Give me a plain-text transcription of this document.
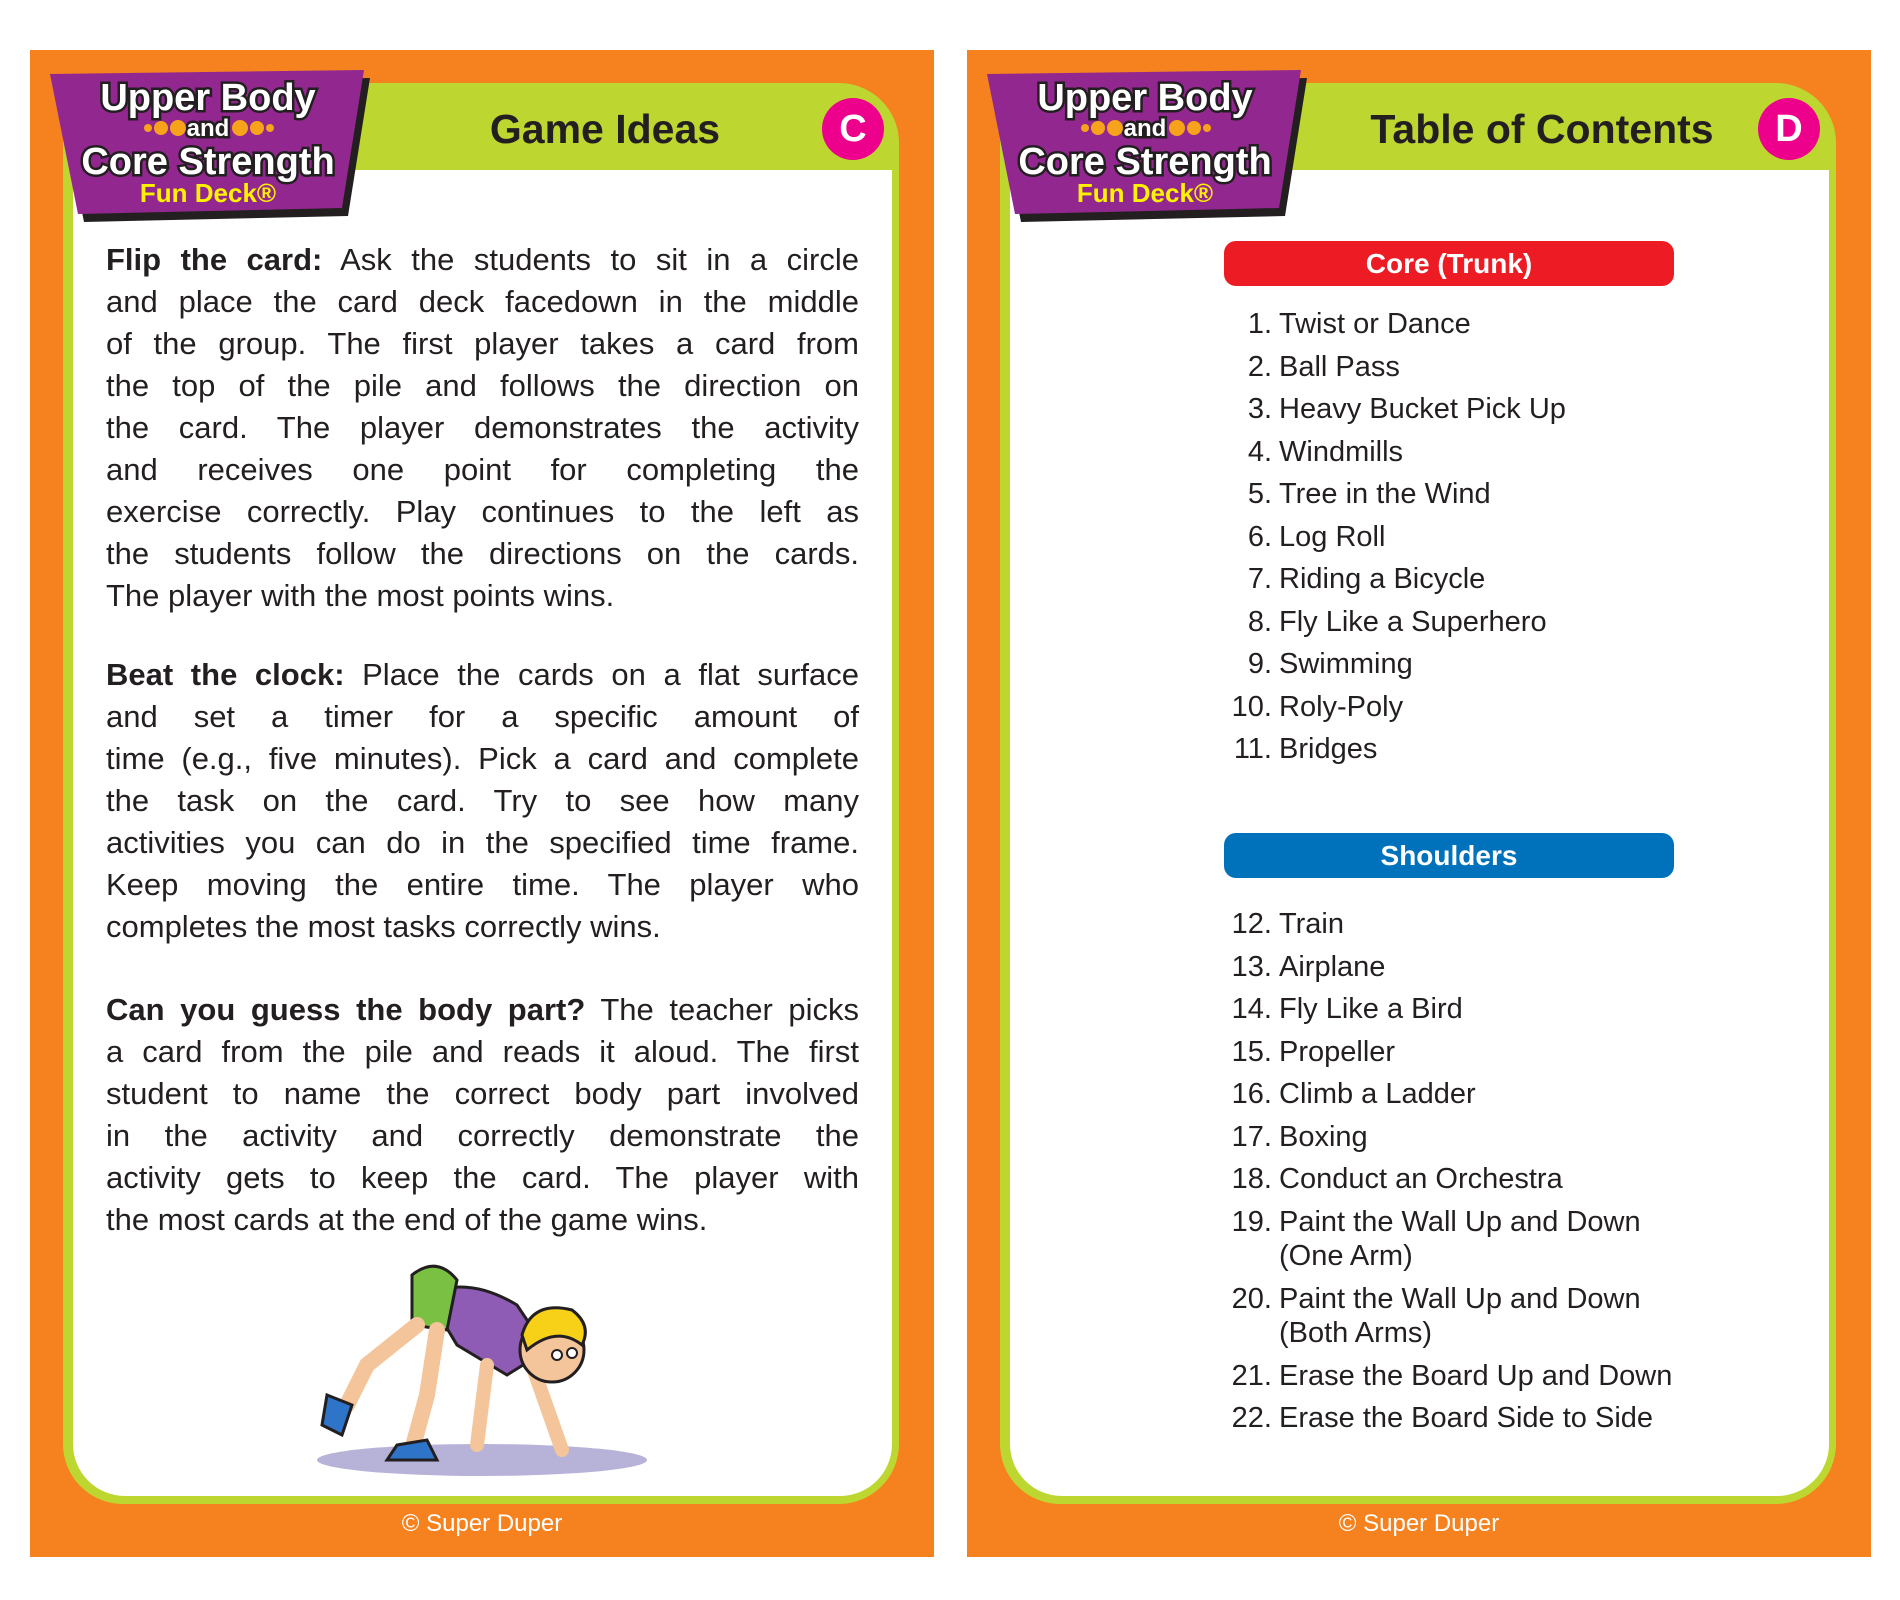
Upper Body
and
Core Strength
Fun Deck®
Game Ideas	C
Flip the card: Ask the students to sit in a circle
and place the card deck facedown in the middle
of the group. The first player takes a card from
the top of the pile and follows the direction on
the card. The player demonstrates the activity
and receives one point for completing the
exercise correctly. Play continues to the left as
the students follow the directions on the cards.
The player with the most points wins.
Beat the clock: Place the cards on a flat surface
and set a timer for a specific amount of
time (e.g., five minutes). Pick a card and complete
the task on the card. Try to see how many
activities you can do in the specified time frame.
Keep moving the entire time. The player who
completes the most tasks correctly wins.
Can you guess the body part? The teacher picks
a card from the pile and reads it aloud. The first
student to name the correct body part involved
in the activity and correctly demonstrate the
activity gets to keep the card. The player with
the most cards at the end of the game wins.
© Super Duper
Upper Body
and
Core Strength
Fun Deck®
Table of Contents	D
Core (Trunk)
1. Twist or Dance
2. Ball Pass
3. Heavy Bucket Pick Up
4. Windmills
5. Tree in the Wind
6. Log Roll
7. Riding a Bicycle
8. Fly Like a Superhero
9. Swimming
10. Roly-Poly
11. Bridges
Shoulders
12. Train
13. Airplane
14. Fly Like a Bird
15. Propeller
16. Climb a Ladder
17. Boxing
18. Conduct an Orchestra
19. Paint the Wall Up and Down
(One Arm)
20. Paint the Wall Up and Down
(Both Arms)
21. Erase the Board Up and Down
22. Erase the Board Side to Side
© Super Duper
